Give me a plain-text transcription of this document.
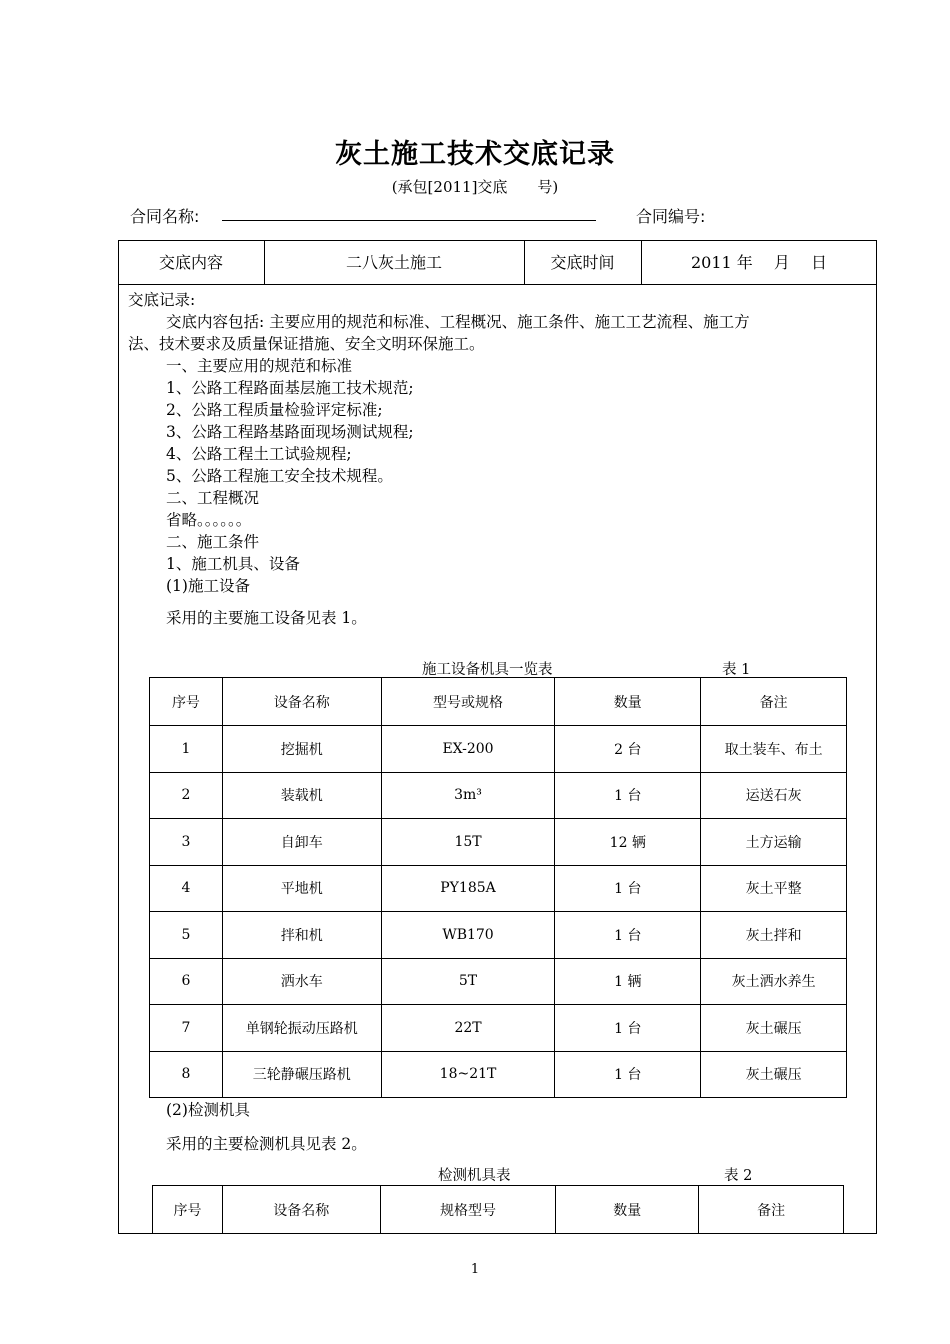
灰土施工技术交底记录
(承包[2011]交底　　号)
合同名称:	合同编号:
交底内容	二八灰土施工	交底时间	2011 年　 月　 日

交底记录:

交底内容包括: 主要应用的规范和标准、工程概况、施工条件、施工工艺流程、施工方

法、技术要求及质量保证措施、安全文明环保施工。

一、主要应用的规范和标准

1、公路工程路面基层施工技术规范;

2、公路工程质量检验评定标准;

3、公路工程路基路面现场测试规程;

4、公路工程土工试验规程;

5、公路工程施工安全技术规程。

二、工程概况

省略。。。。。。

二、施工条件

1、施工机具、设备

(1)施工设备

采用的主要施工设备见表 1。

施工设备机具一览表	表 1
序号	设备名称	型号或规格	数量	备注
1	挖掘机	EX-200	2 台	取土装车、布土
2	装载机	3m³	1 台	运送石灰
3	自卸车	15T	12 辆	土方运输
4	平地机	PY185A	1 台	灰土平整
5	拌和机	WB170	1 台	灰土拌和
6	洒水车	5T	1 辆	灰土洒水养生
7	单钢轮振动压路机	22T	1 台	灰土碾压
8	三轮静碾压路机	18~21T	1 台	灰土碾压
(2)检测机具
采用的主要检测机具见表 2。
检测机具表	表 2
序号	设备名称	规格型号	数量	备注
1
